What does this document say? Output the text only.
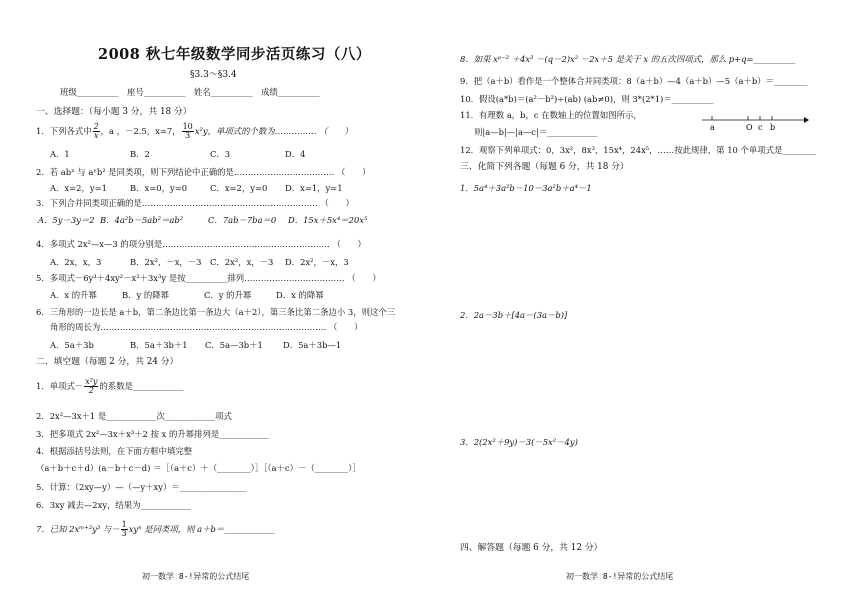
2008 秋七年级数学同步活页练习（八）
§3.3～§3.4
班级__________　座号__________　姓名__________　成绩__________
一、选择题：（每小题 3 分，共 18 分）
1．下列各式中 $\frac{2}{x}$ ，a ，－2.5，x=7， $\frac{10}{3} x^2y$，单项式的个数为…………… （　　）
A．1	B．2	C．3	D．4
2．若 abˣ 与 aʸb² 是同类项，则下列结论中正确的是……………………………… （　　）
A．x=2，y=1	B．x=0，y=0	C．x=2，y=0 D．x=1，y=1
3．下列合并同类项正确的是……………………………………………………… （　　）
A．5y－3y＝2 B．4a²b－5ab²＝ab²	C．7ab－7ba＝0 D．15x＋5x⁴＝20x⁵
4．多项式 2x²—x—3 的项分别是…………………………………………………… （　　）
A．2x，x，3	B．2x²，－x，－3 C．2x²，x，－3 D．2x²，－x，3
5．多项式－6y³＋4xy²－x²＋3x³y 是按__________排列……………………………… （　　）
A．x 的升幂	B．y 的降幂	C．y 的升幂	D．x 的降幂
6．三角形的一边长是 a＋b，第二条边比第一条边大（a＋2），第三条比第二条边小 3，则这个三
角形的周长为……………………………………………………………………… （　　）
A．5a＋3b	B．5a＋3b＋1 C．5a—3b＋1 D．5a＋3b—1
二、填空题（每题 2 分，共 24 分）
1．单项式－ $\frac{\text{x²y}}{2}$ 的系数是____________
2．2x²—3x＋1 是____________次____________项式
3．把多项式 2x²—3x＋x³＋2 按 x 的升幂排列是____________
4．根据添括号法则，在下面方框中填完整
（a＋b＋c＋d）(a－b＋c－d) ＝［（a＋c）＋（________）］［（a＋c）－（________）］
5．计算：（2xy—y）—（—y＋xy）＝________________
6．3xy 减去—2xy，结果为____________
7．已知 2xᵐ⁺²y³ 与－ $\frac{1}{3}$ xyⁿ 是同类项，则 a＋b＝____________
初一数学 8-!异常的公式结尾
8．如果 xᵖ⁻² ＋4x³ －(q－2)x² －2x＋5 是关于 x 的五次四项式，那么 p+q=__________
9．把（a＋b）看作是一个整体合并同类项：8（a＋b）—4（a＋b）—5（a＋b）＝________
10．假设(a*b)＝(a²－b²)÷(ab) (ab≠0)，则 3*(2*1)＝__________
11．有理数 a，b，c 在数轴上的位置如图所示，
则|a—b|—|a—c|＝____________	a	O c b
12．观察下列单项式：0，3x²，8x³，15x⁴，24x⁵，……按此规律，第 10 个单项式是________
三、化简下列各题（每题 6 分，共 18 分）
1．5a⁴＋3a²b－10－3a²b＋a⁴－1
2．2a－3b＋[4a－(3a－b)]
3．2(2x²＋9y)－3(－5x²－4y)
四、解答题（每题 6 分，共 12 分）
初一数学 8-!异常的公式结尾
